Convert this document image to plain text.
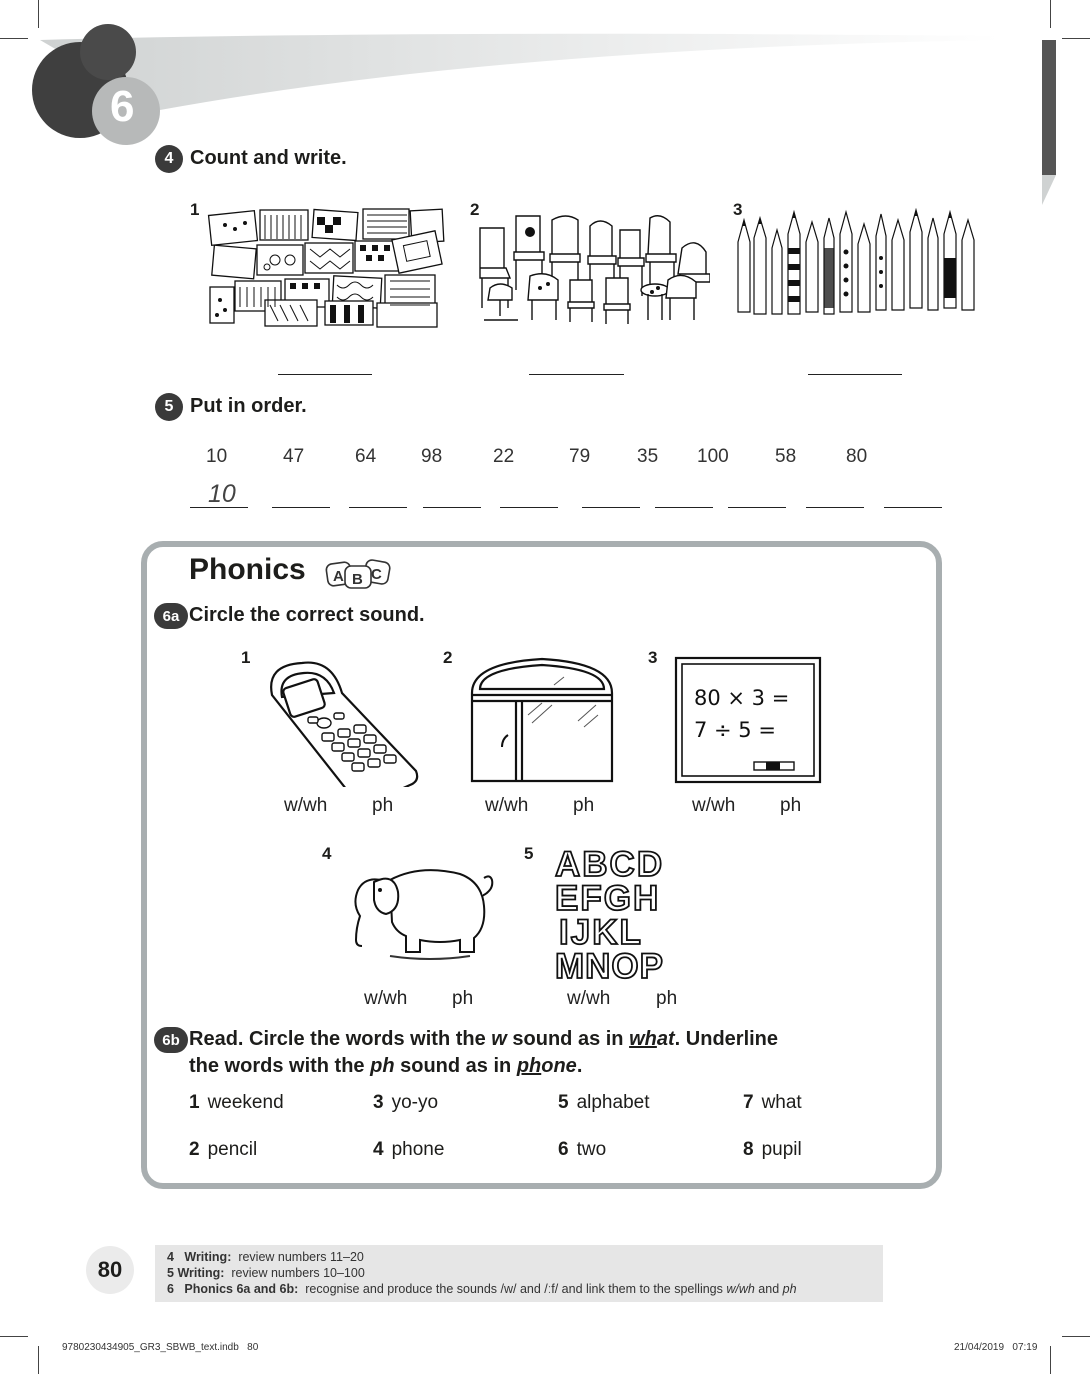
6
4 Count and write.
1	2	3
5 Put in order.
10	47	64 98	22	79 35 100 58	80
10
Phonics A B C
6a Circle the correct sound.
1	2	3
80 × 3 =
7 ÷ 5 =
w/wh ph	w/wh ph	w/wh ph
4	5 ABCD
EFGH
IJKL
MNOP
w/wh ph	w/wh ph
6b Read. Circle the words with the w sound as in what. Underline
the words with the ph sound as in phone.
1 weekend	3 yo-yo	5 alphabet	7 what
2 pencil	4 phone	6 two	8 pupil
80	4 Writing: review numbers 11–20
5 Writing: review numbers 10–100
6 Phonics 6a and 6b: recognise and produce the sounds /w/ and /ːf/ and link them to the spellings w/wh and ph
9780230434905_GR3_SBWB_text.indb   80	21/04/2019   07:19
